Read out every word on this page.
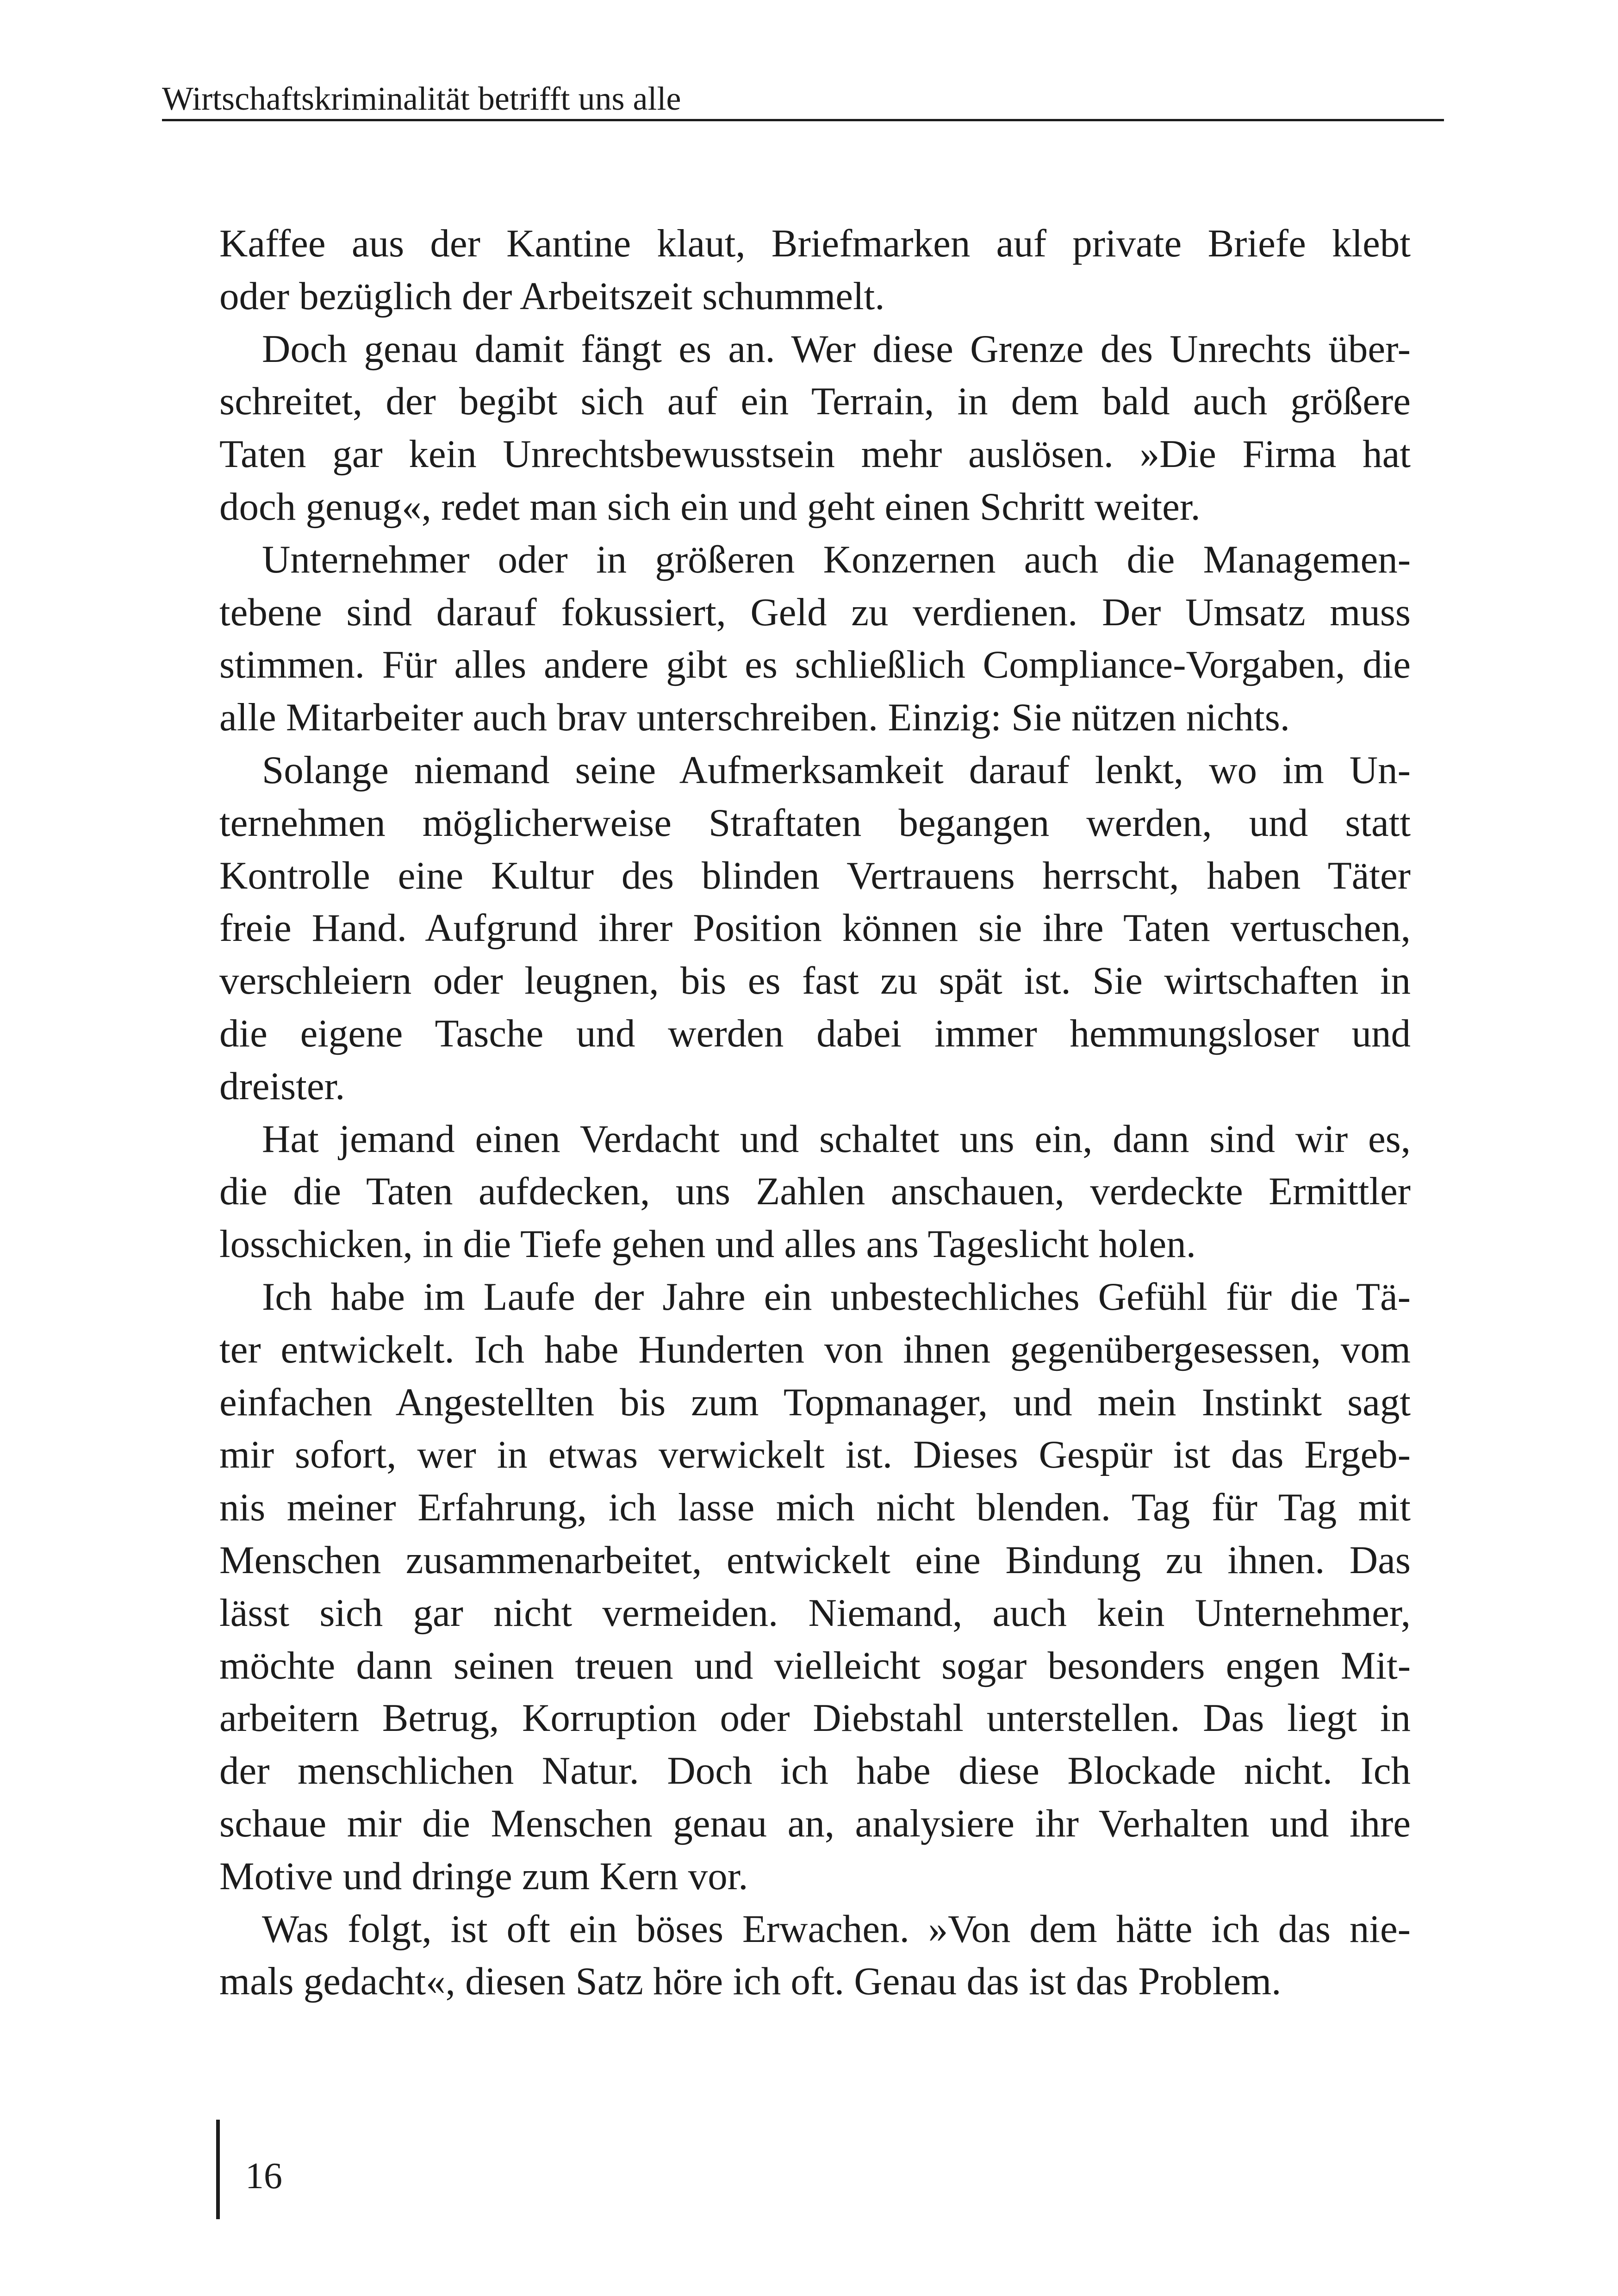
Wirtschaftskriminalität betrifft uns alle
Kaffee aus der Kantine klaut, Briefmarken auf private Briefe klebt
oder bezüglich der Arbeitszeit schummelt.
Doch genau damit fängt es an. Wer diese Grenze des Unrechts über-
schreitet, der begibt sich auf ein Terrain, in dem bald auch größere
Taten gar kein Unrechtsbewusstsein mehr auslösen. »Die Firma hat
doch genug«, redet man sich ein und geht einen Schritt weiter.
Unternehmer oder in größeren Konzernen auch die Managemen-
tebene sind darauf fokussiert, Geld zu verdienen. Der Umsatz muss
stimmen. Für alles andere gibt es schließlich Compliance-Vorgaben, die
alle Mitarbeiter auch brav unterschreiben. Einzig: Sie nützen nichts.
Solange niemand seine Aufmerksamkeit darauf lenkt, wo im Un-
ternehmen möglicherweise Straftaten begangen werden, und statt
Kontrolle eine Kultur des blinden Vertrauens herrscht, haben Täter
freie Hand. Aufgrund ihrer Position können sie ihre Taten vertuschen,
verschleiern oder leugnen, bis es fast zu spät ist. Sie wirtschaften in
die eigene Tasche und werden dabei immer hemmungsloser und
dreister.
Hat jemand einen Verdacht und schaltet uns ein, dann sind wir es,
die die Taten aufdecken, uns Zahlen anschauen, verdeckte Ermittler
losschicken, in die Tiefe gehen und alles ans Tageslicht holen.
Ich habe im Laufe der Jahre ein unbestechliches Gefühl für die Tä-
ter entwickelt. Ich habe Hunderten von ihnen gegenübergesessen, vom
einfachen Angestellten bis zum Topmanager, und mein Instinkt sagt
mir sofort, wer in etwas verwickelt ist. Dieses Gespür ist das Ergeb-
nis meiner Erfahrung, ich lasse mich nicht blenden. Tag für Tag mit
Menschen zusammenarbeitet, entwickelt eine Bindung zu ihnen. Das
lässt sich gar nicht vermeiden. Niemand, auch kein Unternehmer,
möchte dann seinen treuen und vielleicht sogar besonders engen Mit-
arbeitern Betrug, Korruption oder Diebstahl unterstellen. Das liegt in
der menschlichen Natur. Doch ich habe diese Blockade nicht. Ich
schaue mir die Menschen genau an, analysiere ihr Verhalten und ihre
Motive und dringe zum Kern vor.
Was folgt, ist oft ein böses Erwachen. »Von dem hätte ich das nie-
mals gedacht«, diesen Satz höre ich oft. Genau das ist das Problem.
16
